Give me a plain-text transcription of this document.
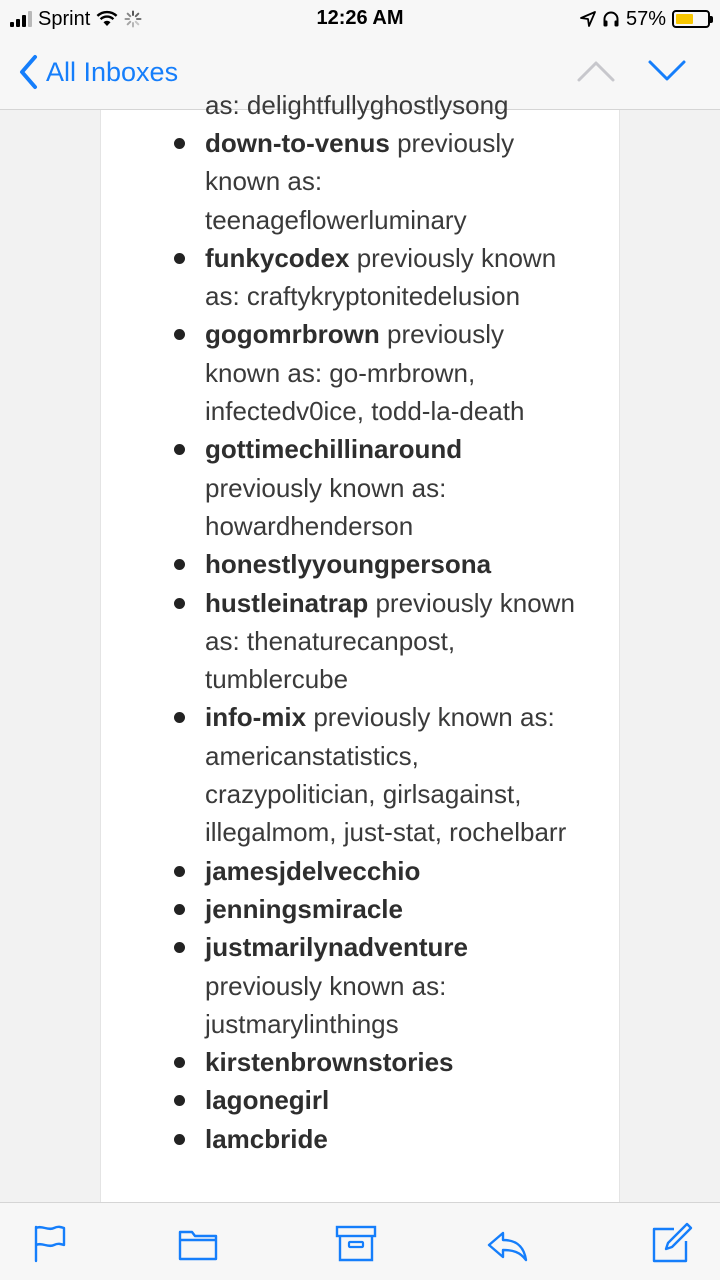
Sprint	12:26 AM	57%
All Inboxes
as: delightfullyghostlysong
down-to-venus previously known as: teenageflowerluminary
funkycodex previously known as: craftykryptonitedelusion
gogomrbrown previously known as: go-mrbrown, infectedv0ice, todd-la-death
gottimechillinaround previously known as: howardhenderson
honestlyyoungpersona
hustleinatrap previously known as: thenaturecanpost, tumblercube
info-mix previously known as: americanstatistics, crazypolitician, girlsagainst, illegalmom, just-stat, rochelbarr
jamesjdelvecchio
jenningsmiracle
justmarilynadventure previously known as: justmarylinthings
kirstenbrownstories
lagonegirl
lamcbride
